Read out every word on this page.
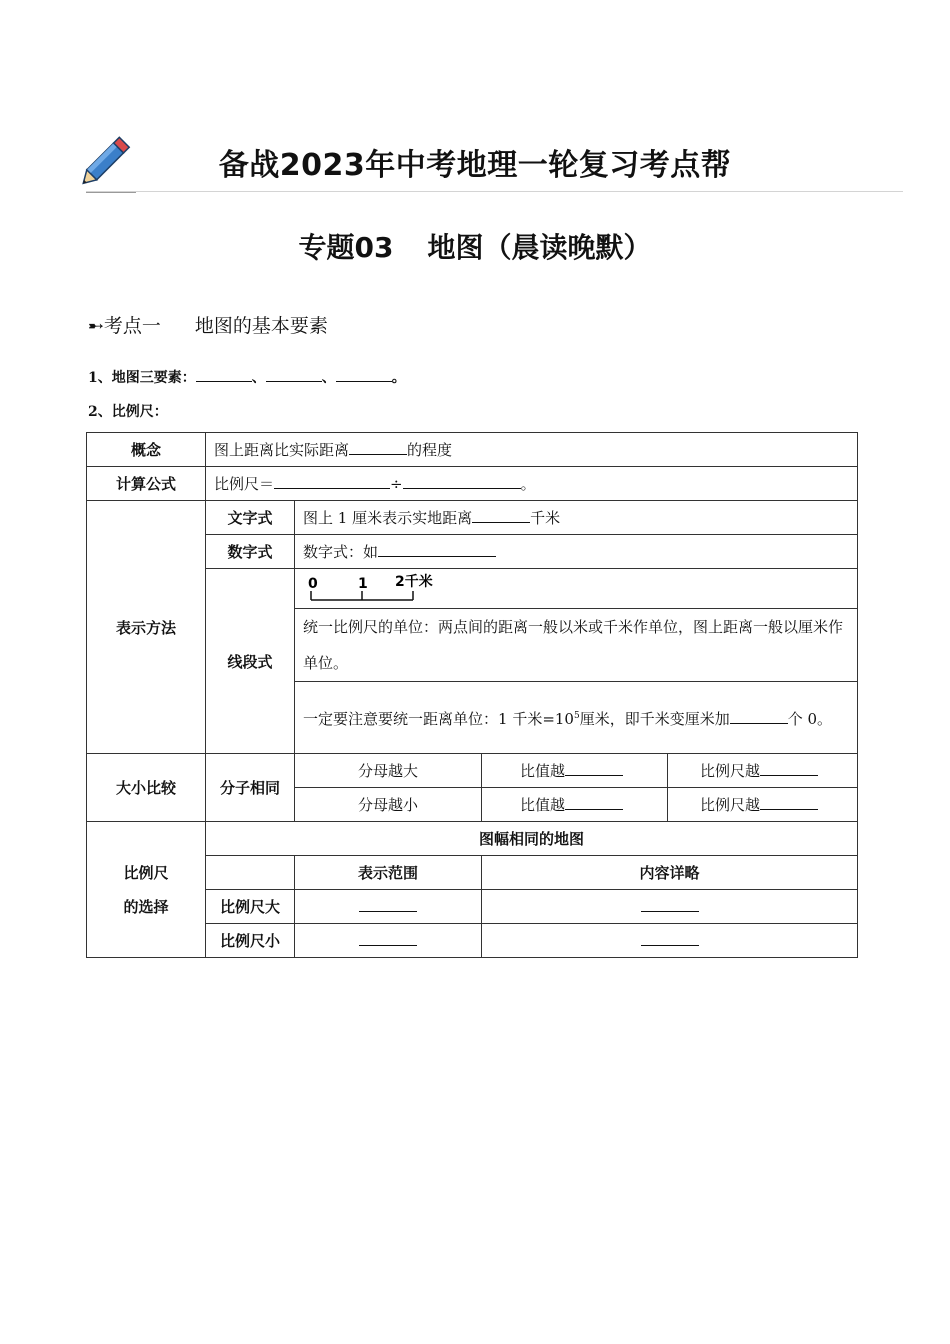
备战2023年中考地理一轮复习考点帮
专题03 地图（晨读晚默）
➸考点一 地图的基本要素
1、地图三要素：	、	、	。
2、比例尺：
概念	图上距离比实际距离 的程度			
计算公式	比例尺＝ ÷ 。			
表示方法	文字式	图上 1 厘米表示实地距离 千米		
	数字式	数字式：如		
	线段式	0 1 2千米		

		统一比例尺的单位：两点间的距离一般以米或千米作单位，图上距离一般以厘米作单位。		
		一定要注意要统一距离单位：1 千米$=10^5$厘米，即千米变厘米加 个 0。		
大小比较	分子相同	分母越大	比值越	比例尺越
		分母越小	比值越	比例尺越
比例尺
的选择	图幅相同的地图			
		表示范围	内容详略	
	比例尺大			
	比例尺小			
